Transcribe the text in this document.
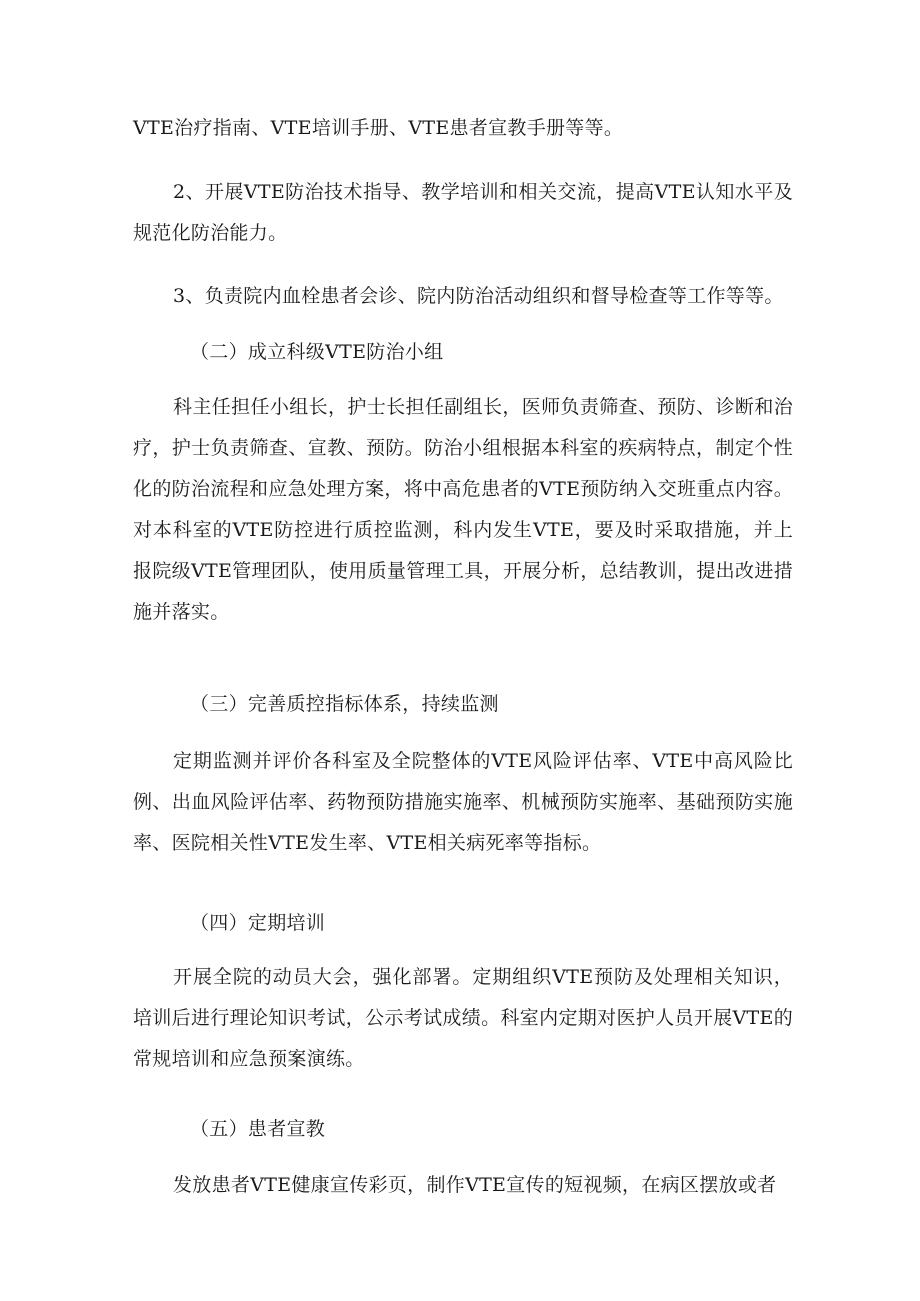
VTE治疗指南、VTE培训手册、VTE患者宣教手册等等。

2、开展VTE防治技术指导、教学培训和相关交流，提高VTE认知水平及规范化防治能力。

3、负责院内血栓患者会诊、院内防治活动组织和督导检查等工作等等。

（二）成立科级VTE防治小组

科主任担任小组长，护士长担任副组长，医师负责筛查、预防、诊断和治疗，护士负责筛查、宣教、预防。防治小组根据本科室的疾病特点，制定个性化的防治流程和应急处理方案，将中高危患者的VTE预防纳入交班重点内容。对本科室的VTE防控进行质控监测，科内发生VTE，要及时采取措施，并上报院级VTE管理团队，使用质量管理工具，开展分析，总结教训，提出改进措施并落实。

（三）完善质控指标体系，持续监测

定期监测并评价各科室及全院整体的VTE风险评估率、VTE中高风险比例、出血风险评估率、药物预防措施实施率、机械预防实施率、基础预防实施率、医院相关性VTE发生率、VTE相关病死率等指标。

（四）定期培训

开展全院的动员大会，强化部署。定期组织VTE预防及处理相关知识，培训后进行理论知识考试，公示考试成绩。科室内定期对医护人员开展VTE的常规培训和应急预案演练。

（五）患者宣教

发放患者VTE健康宣传彩页，制作VTE宣传的短视频，在病区摆放或者
